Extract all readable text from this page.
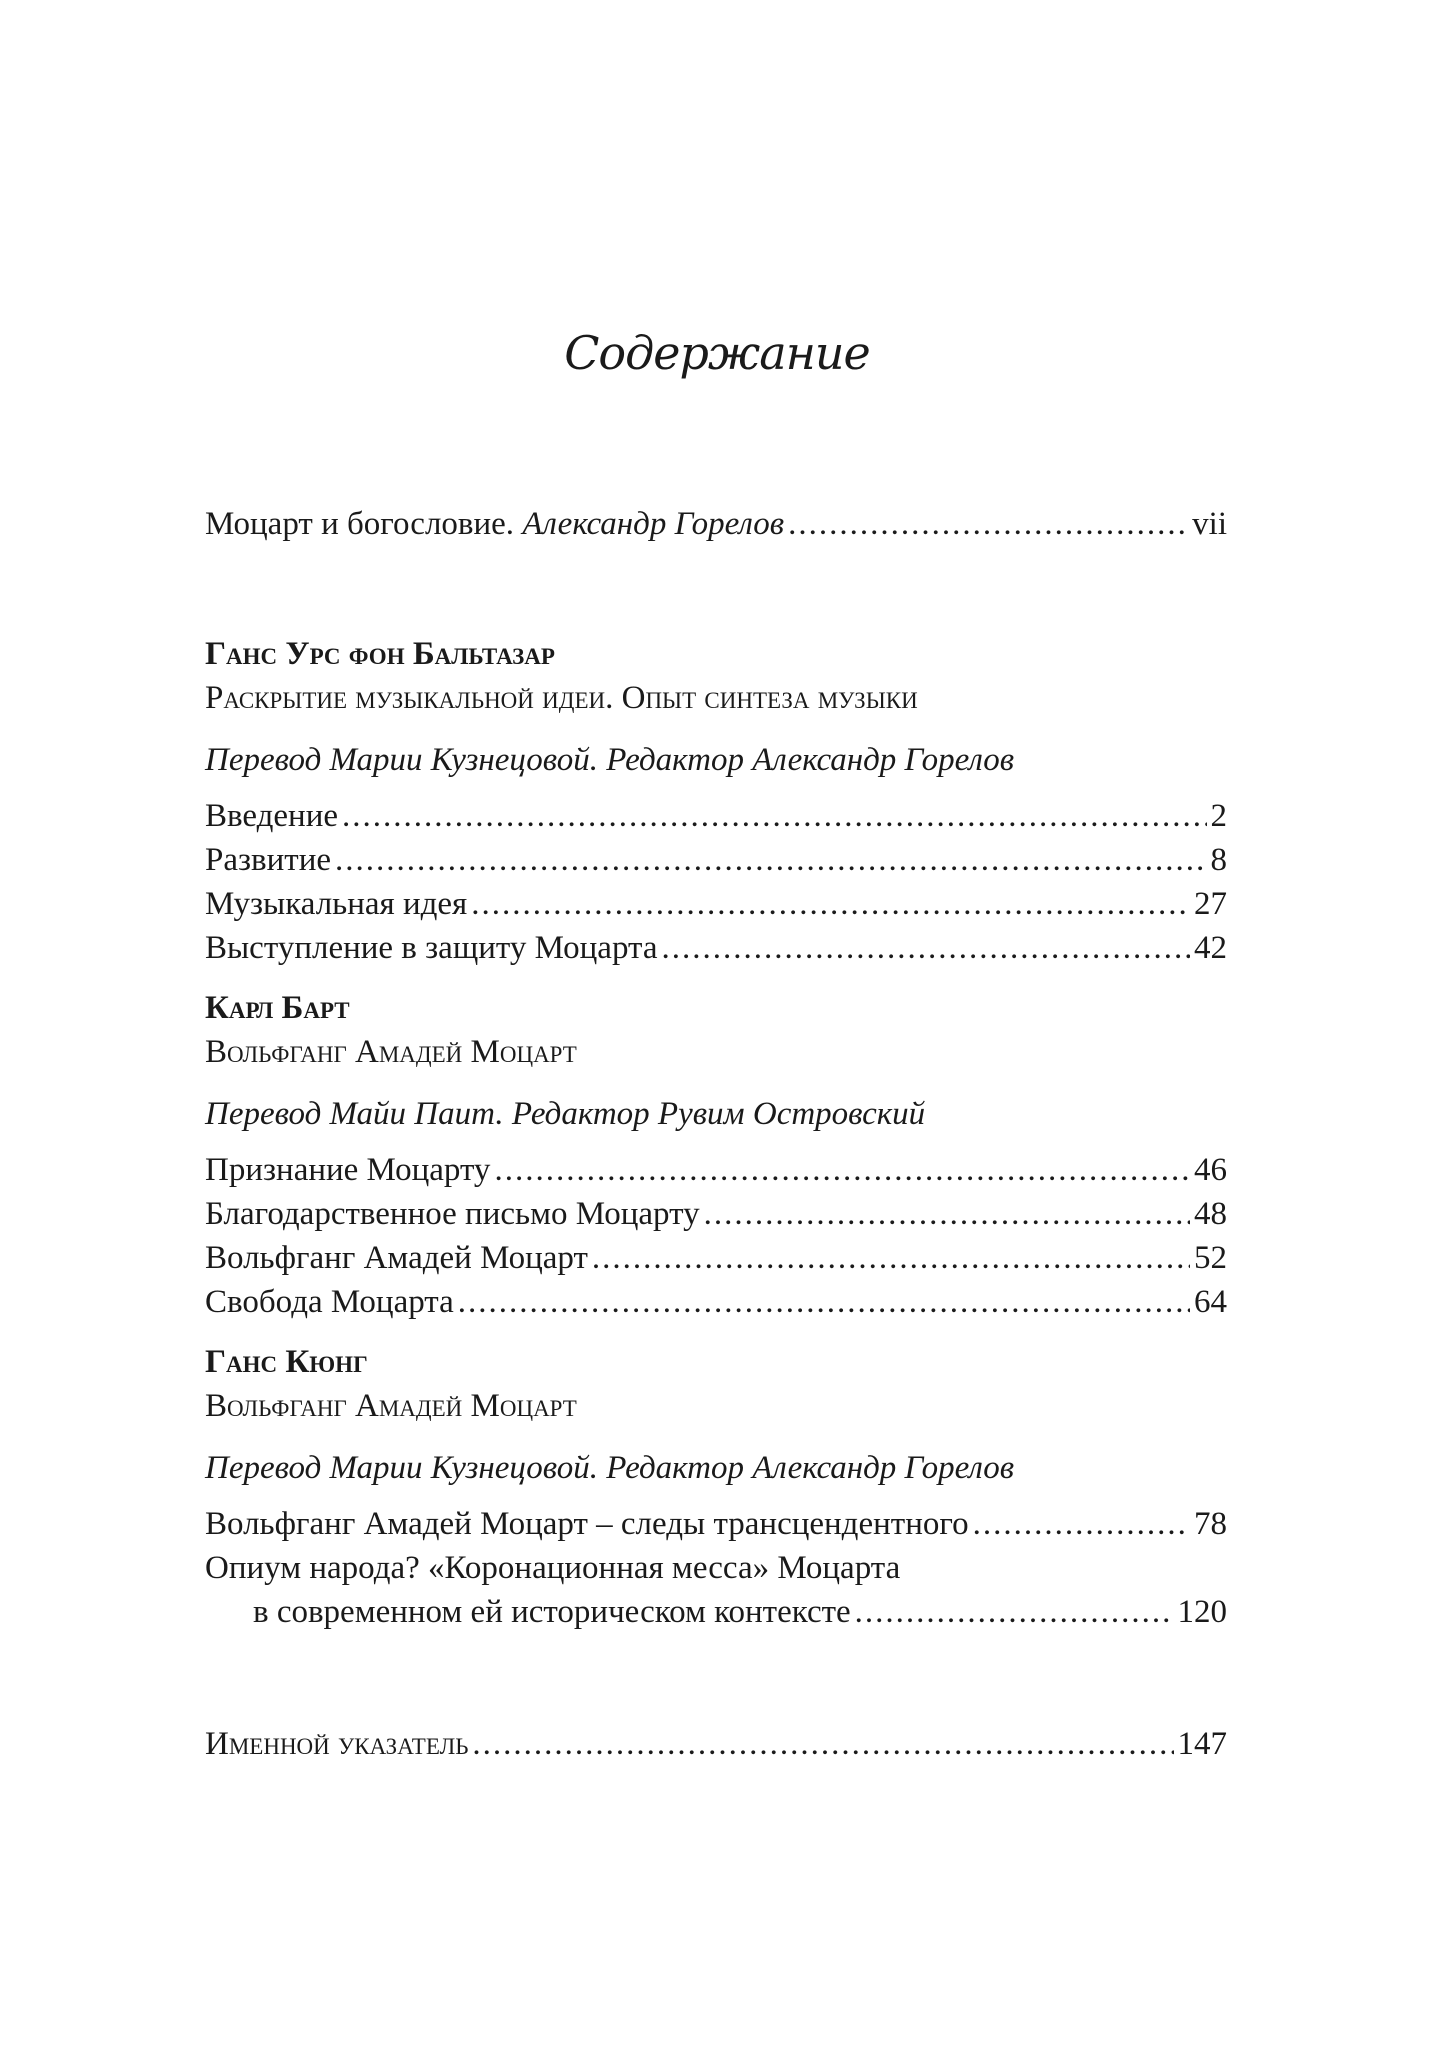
Содержание
Моцарт и богословие. Александр Горелов .....	vii
Ганс Урс фон Бальтазар
Раскрытие музыкальной идеи. Опыт синтеза музыки
Перевод Марии Кузнецовой. Редактор Александр Горелов
Введение .....	2
Развитие .....	8
Музыкальная идея .....	27
Выступление в защиту Моцарта .....	42
Карл Барт
Вольфганг Амадей Моцарт
Перевод Майи Паит. Редактор Рувим Островский
Признание Моцарту .....	46
Благодарственное письмо Моцарту .....	48
Вольфганг Амадей Моцарт .....	52
Свобода Моцарта .....	64
Ганс Кюнг
Вольфганг Амадей Моцарт
Перевод Марии Кузнецовой. Редактор Александр Горелов
Вольфганг Амадей Моцарт – следы трансцендентного .....	78
Опиум народа? «Коронационная месса» Моцарта
в современном ей историческом контексте .....	120
Именной указатель .....	147
